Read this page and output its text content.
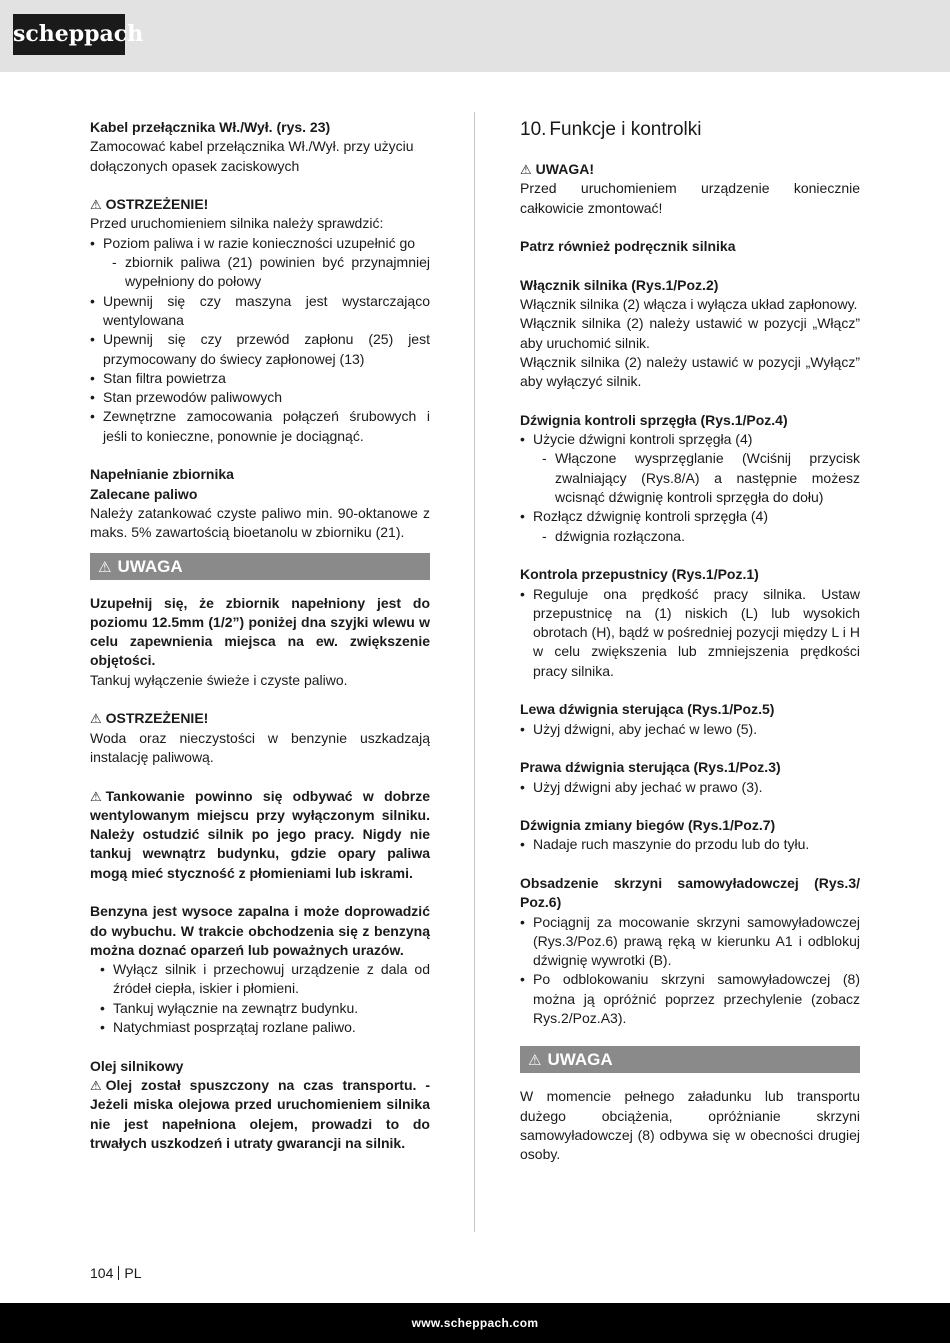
scheppach

Kabel przełącznika Wł./Wył. (rys. 23)

Zamocować kabel przełącznika Wł./Wył. przy użyciu dołączonych opasek zaciskowych

⚠ OSTRZEŻENIE!

Przed uruchomieniem silnika należy sprawdzić:

• Poziom paliwa i w razie konieczności uzupełnić go
- zbiornik paliwa (21) powinien być przynajmniej wypełniony do połowy
• Upewnij się czy maszyna jest wystarczająco wentylowana
• Upewnij się czy przewód zapłonu (25) jest przymocowany do świecy zapłonowej (13)
• Stan filtra powietrza
• Stan przewodów paliwowych
• Zewnętrzne zamocowania połączeń śrubowych i jeśli to konieczne, ponownie je dociągnąć.

Napełnianie zbiornika

Zalecane paliwo

Należy zatankować czyste paliwo min. 90-oktanowe z maks. 5% zawartością bioetanolu w zbiorniku (21).

⚠ UWAGA

Uzupełnij się, że zbiornik napełniony jest do poziomu 12.5mm (1/2”) poniżej dna szyjki wlewu w celu zapewnienia miejsca na ew. zwiększenie objętości.

Tankuj wyłączenie świeże i czyste paliwo.

⚠ OSTRZEŻENIE!

Woda oraz nieczystości w benzynie uszkadzają instalację paliwową.

⚠ Tankowanie powinno się odbywać w dobrze wentylowanym miejscu przy wyłączonym silniku. Należy ostudzić silnik po jego pracy. Nigdy nie tankuj wewnątrz budynku, gdzie opary paliwa mogą mieć styczność z płomieniami lub iskrami.

Benzyna jest wysoce zapalna i może doprowadzić do wybuchu. W trakcie obchodzenia się z benzyną można doznać oparzeń lub poważnych urazów.

• Wyłącz silnik i przechowuj urządzenie z dala od źródeł ciepła, iskier i płomieni.
• Tankuj wyłącznie na zewnątrz budynku.
• Natychmiast posprzątaj rozlane paliwo.

Olej silnikowy

⚠ Olej został spuszczony na czas transportu. - Jeżeli miska olejowa przed uruchomieniem silnika nie jest napełniona olejem, prowadzi to do trwałych uszkodzeń i utraty gwarancji na silnik.

10. Funkcje i kontrolki

⚠ UWAGA!

Przed uruchomieniem urządzenie koniecznie całkowicie zmontować!

Patrz również podręcznik silnika

Włącznik silnika (Rys.1/Poz.2)

Włącznik silnika (2) włącza i wyłącza układ zapłonowy.

Włącznik silnika (2) należy ustawić w pozycji „Włącz” aby uruchomić silnik.

Włącznik silnika (2) należy ustawić w pozycji „Wyłącz” aby wyłączyć silnik.

Dźwignia kontroli sprzęgła (Rys.1/Poz.4)

• Użycie dźwigni kontroli sprzęgła (4)
- Włączone wysprzęglanie (Wciśnij przycisk zwalniający (Rys.8/A) a następnie możesz wcisnąć dźwignię kontroli sprzęgła do dołu)
• Rozłącz dźwignię kontroli sprzęgła (4)
- dźwignia rozłączona.

Kontrola przepustnicy (Rys.1/Poz.1)

• Reguluje ona prędkość pracy silnika. Ustaw przepustnicę na (1) niskich (L) lub wysokich obrotach (H), bądź w pośredniej pozycji między L i H w celu zwiększenia lub zmniejszenia prędkości pracy silnika.

Lewa dźwignia sterująca (Rys.1/Poz.5)

• Użyj dźwigni, aby jechać w lewo (5).

Prawa dźwignia sterująca (Rys.1/Poz.3)

• Użyj dźwigni aby jechać w prawo (3).

Dźwignia zmiany biegów (Rys.1/Poz.7)

• Nadaje ruch maszynie do przodu lub do tyłu.

Obsadzenie skrzyni samowyładowczej (Rys.3/ Poz.6)

• Pociągnij za mocowanie skrzyni samowyładowczej (Rys.3/Poz.6) prawą ręką w kierunku A1 i odblokuj dźwignię wywrotki (B).
• Po odblokowaniu skrzyni samowyładowczej (8) można ją opróżnić poprzez przechylenie (zobacz Rys.2/Poz.A3).
⚠ UWAGA

W momencie pełnego załadunku lub transportu dużego obciążenia, opróżnianie skrzyni samowyładowczej (8) odbywa się w obecności drugiej osoby.

104 PL
www.scheppach.com
